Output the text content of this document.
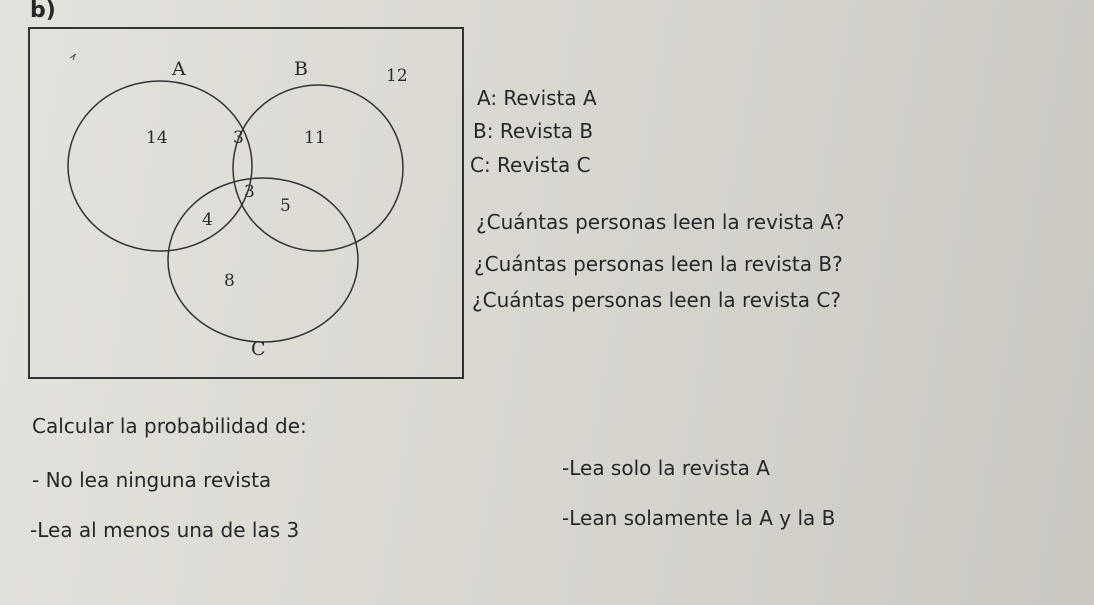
b)
A	B
C
12
14	3	11
3
4
5
8
A: Revista A
B: Revista B
C: Revista C
¿Cuántas personas leen la revista A?
¿Cuántas personas leen la revista B?
¿Cuántas personas leen la revista C?
Calcular la probabilidad de:
- No lea ninguna revista	-Lea solo la revista A
-Lea al menos una de las 3	-Lean solamente la A y la B
